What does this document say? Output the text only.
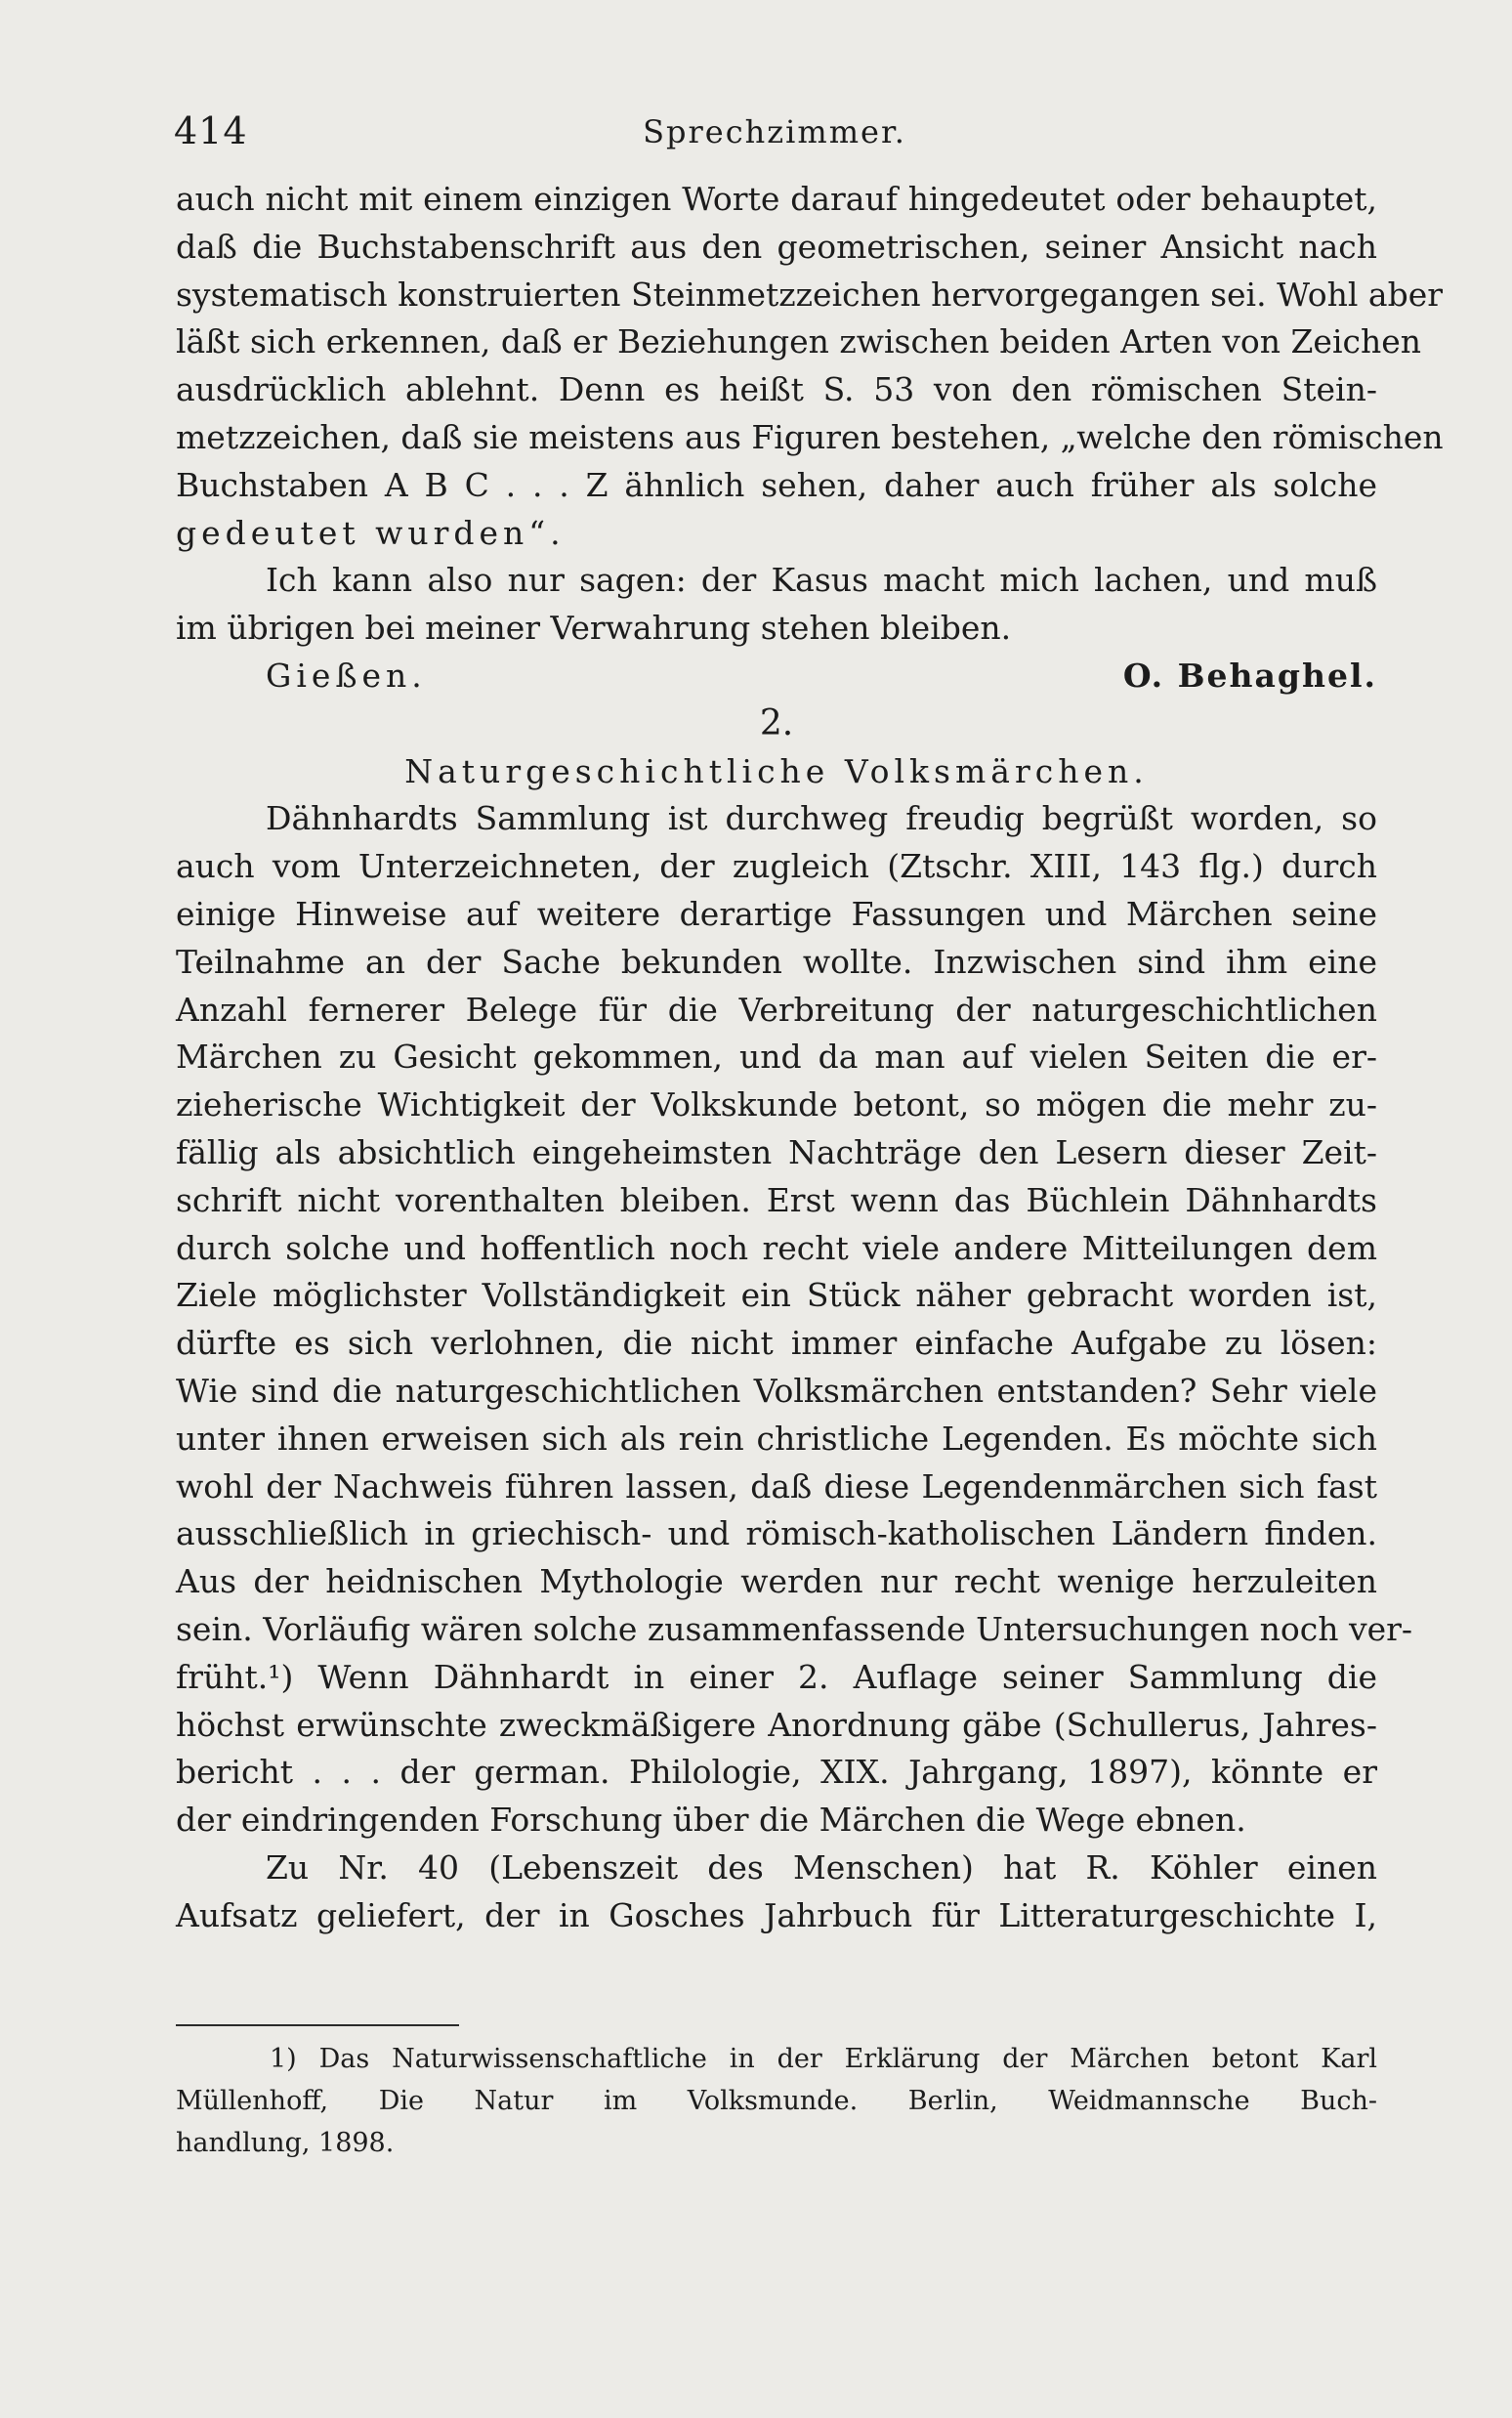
414	Sprechzimmer.
auch nicht mit einem einzigen Worte darauf hingedeutet oder behauptet,
daß die Buchstabenschrift aus den geometrischen, seiner Ansicht nach
systematisch konstruierten Steinmetzzeichen hervorgegangen sei. Wohl aber
läßt sich erkennen, daß er Beziehungen zwischen beiden Arten von Zeichen
ausdrücklich ablehnt. Denn es heißt S. 53 von den römischen Stein-
metzzeichen, daß sie meistens aus Figuren bestehen, „welche den römischen
Buchstaben A B C . . . Z ähnlich sehen, daher auch früher als solche
gedeutet wurden“.
Ich kann also nur sagen: der Kasus macht mich lachen, und muß
im übrigen bei meiner Verwahrung stehen bleiben.
Gießen.	O. Behaghel.
2.
Naturgeschichtliche Volksmärchen.
Dähnhardts Sammlung ist durchweg freudig begrüßt worden, so
auch vom Unterzeichneten, der zugleich (Ztschr. XIII, 143 flg.) durch
einige Hinweise auf weitere derartige Fassungen und Märchen seine
Teilnahme an der Sache bekunden wollte. Inzwischen sind ihm eine
Anzahl fernerer Belege für die Verbreitung der naturgeschichtlichen
Märchen zu Gesicht gekommen, und da man auf vielen Seiten die er-
zieherische Wichtigkeit der Volkskunde betont, so mögen die mehr zu-
fällig als absichtlich eingeheimsten Nachträge den Lesern dieser Zeit-
schrift nicht vorenthalten bleiben. Erst wenn das Büchlein Dähnhardts
durch solche und hoffentlich noch recht viele andere Mitteilungen dem
Ziele möglichster Vollständigkeit ein Stück näher gebracht worden ist,
dürfte es sich verlohnen, die nicht immer einfache Aufgabe zu lösen:
Wie sind die naturgeschichtlichen Volksmärchen entstanden? Sehr viele
unter ihnen erweisen sich als rein christliche Legenden. Es möchte sich
wohl der Nachweis führen lassen, daß diese Legendenmärchen sich fast
ausschließlich in griechisch- und römisch-katholischen Ländern finden.
Aus der heidnischen Mythologie werden nur recht wenige herzuleiten
sein. Vorläufig wären solche zusammenfassende Untersuchungen noch ver-
früht.¹) Wenn Dähnhardt in einer 2. Auflage seiner Sammlung die
höchst erwünschte zweckmäßigere Anordnung gäbe (Schullerus, Jahres-
bericht . . . der german. Philologie, XIX. Jahrgang, 1897), könnte er
der eindringenden Forschung über die Märchen die Wege ebnen.
Zu Nr. 40 (Lebenszeit des Menschen) hat R. Köhler einen
Aufsatz geliefert, der in Gosches Jahrbuch für Litteraturgeschichte I,
1) Das Naturwissenschaftliche in der Erklärung der Märchen betont Karl
Müllenhoff, Die Natur im Volksmunde. Berlin, Weidmannsche Buch-
handlung, 1898.
